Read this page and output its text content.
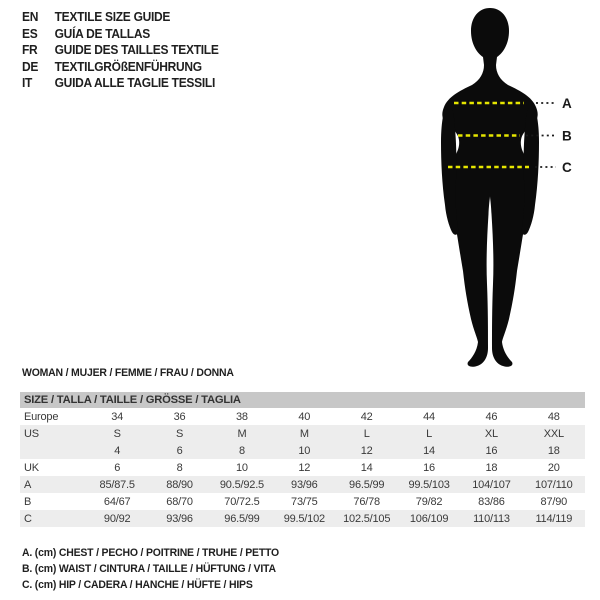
EN	TEXTILE SIZE GUIDE
ES	GUÍA DE TALLAS
FR	GUIDE DES TAILLES TEXTILE
DE	TEXTILGRÖßENFÜHRUNG
IT	GUIDA ALLE TAGLIE TESSILI
A
B
C
WOMAN / MUJER / FEMME / FRAU / DONNA
SIZE / TALLA / TAILLE / GRÖSSE / TAGLIA
Europe	34	36	38	40	42	44	46	48
US	S	S	M	M	L	L	XL	XXL
	4	6	8	10	12	14	16	18
UK	6	8	10	12	14	16	18	20
A	85/87.5	88/90	90.5/92.5	93/96	96.5/99	99.5/103	104/107	107/110
B	64/67	68/70	70/72.5	73/75	76/78	79/82	83/86	87/90
C	90/92	93/96	96.5/99	99.5/102	102.5/105	106/109	110/113	114/119
A. (cm) CHEST / PECHO / POITRINE / TRUHE / PETTO
B. (cm) WAIST / CINTURA / TAILLE / HÜFTUNG / VITA
C. (cm) HIP / CADERA / HANCHE / HÜFTE / HIPS
